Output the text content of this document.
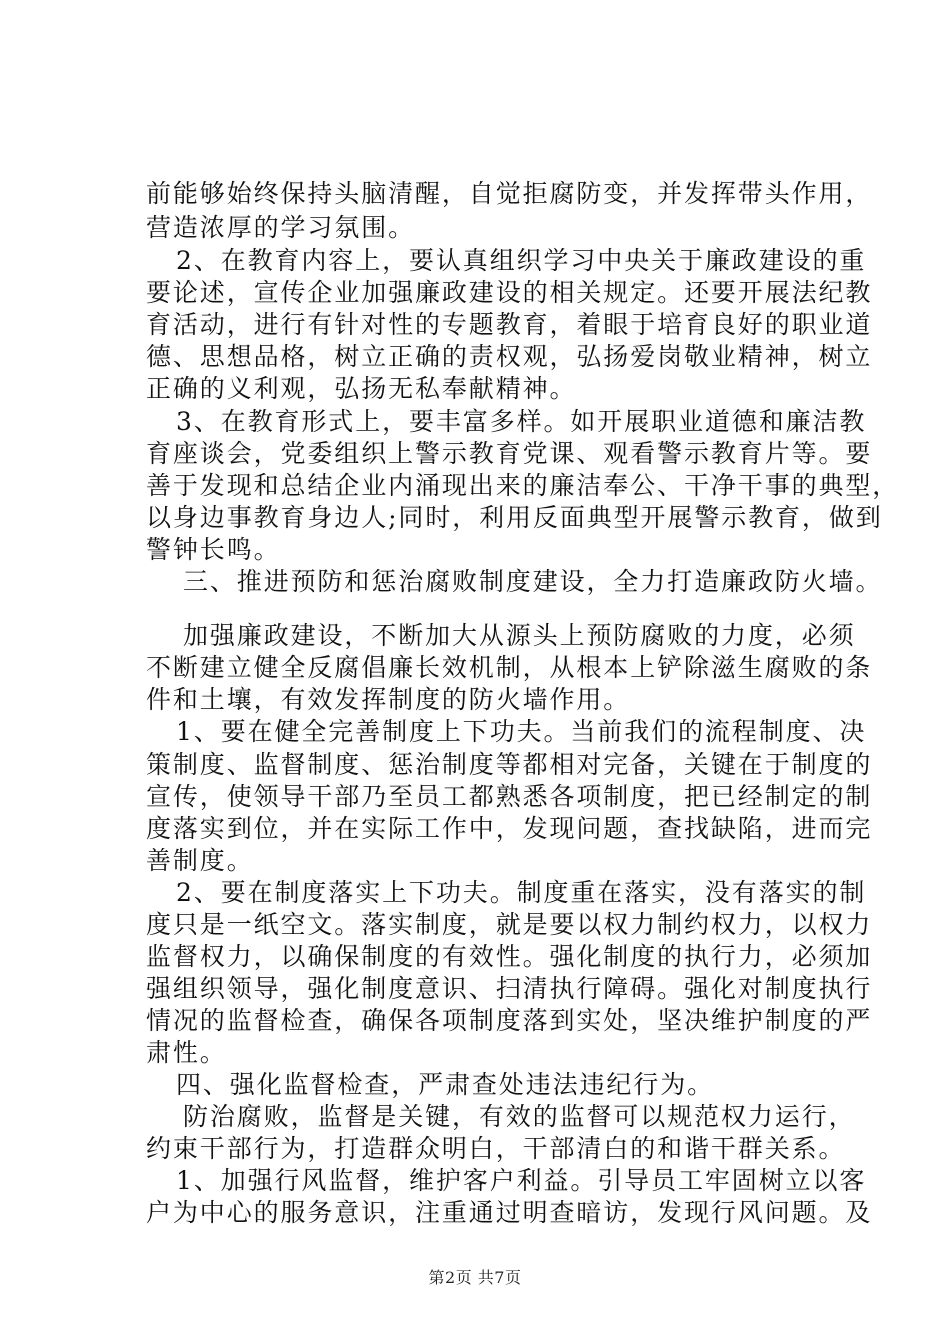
前能够始终保持头脑清醒，自觉拒腐防变，并发挥带头作用，
营造浓厚的学习氛围。
2、在教育内容上，要认真组织学习中央关于廉政建设的重
要论述，宣传企业加强廉政建设的相关规定。还要开展法纪教
育活动，进行有针对性的专题教育，着眼于培育良好的职业道
德、思想品格，树立正确的责权观，弘扬爱岗敬业精神，树立
正确的义利观，弘扬无私奉献精神。
3、在教育形式上，要丰富多样。如开展职业道德和廉洁教
育座谈会，党委组织上警示教育党课、观看警示教育片等。要
善于发现和总结企业内涌现出来的廉洁奉公、干净干事的典型，
以身边事教育身边人;同时，利用反面典型开展警示教育，做到
警钟长鸣。
三、推进预防和惩治腐败制度建设，全力打造廉政防火墙。
加强廉政建设，不断加大从源头上预防腐败的力度，必须
不断建立健全反腐倡廉长效机制，从根本上铲除滋生腐败的条
件和土壤，有效发挥制度的防火墙作用。
1、要在健全完善制度上下功夫。当前我们的流程制度、决
策制度、监督制度、惩治制度等都相对完备，关键在于制度的
宣传，使领导干部乃至员工都熟悉各项制度，把已经制定的制
度落实到位，并在实际工作中，发现问题，查找缺陷，进而完
善制度。
2、要在制度落实上下功夫。制度重在落实，没有落实的制
度只是一纸空文。落实制度，就是要以权力制约权力，以权力
监督权力，以确保制度的有效性。强化制度的执行力，必须加
强组织领导，强化制度意识、扫清执行障碍。强化对制度执行
情况的监督检查，确保各项制度落到实处，坚决维护制度的严
肃性。
四、强化监督检查，严肃查处违法违纪行为。
防治腐败，监督是关键，有效的监督可以规范权力运行，
约束干部行为，打造群众明白，干部清白的和谐干群关系。
1、加强行风监督，维护客户利益。引导员工牢固树立以客
户为中心的服务意识，注重通过明查暗访，发现行风问题。及
第2页 共7页
